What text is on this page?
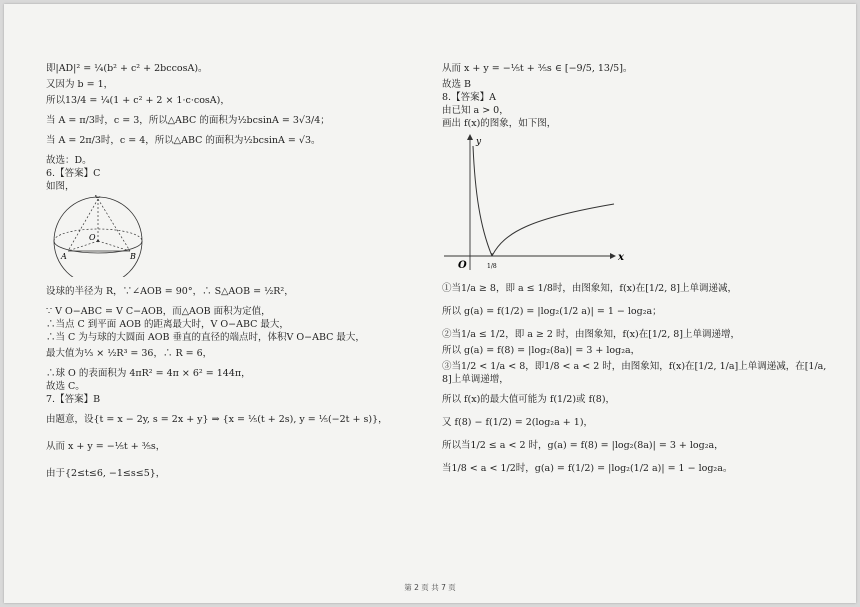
即|AD|² = ¼(b² + c² + 2bccosA)。

又因为 b = 1，

所以13/4 = ¼(1 + c² + 2 × 1·c·cosA)，

当 A = π/3时，c = 3，所以△ABC 的面积为½bcsinA = 3√3/4；

当 A = 2π/3时，c = 4，所以△ABC 的面积为½bcsinA = √3。

故选：D。

6.【答案】C

如图，

C
O
A	B

设球的半径为 R，∵∠AOB = 90°，∴ S△AOB = ½R²，

∵ V O−ABC = V C−AOB，而△AOB 面积为定值，

∴当点 C 到平面 AOB 的距离最大时，V O−ABC 最大，

∴当 C 为与球的大圆面 AOB 垂直的直径的端点时，体积V O−ABC 最大，

最大值为⅓ × ½R³ = 36，∴ R = 6，

∴球 O 的表面积为 4πR² = 4π × 6² = 144π，

故选 C。

7.【答案】B

由题意，设{t = x − 2y, s = 2x + y} ⇒ {x = ⅕(t + 2s), y = ⅕(−2t + s)}，

从而 x + y = −⅕t + ⅗s，

由于{2≤t≤6, −1≤s≤5}，

从而 x + y = −⅕t + ⅗s ∈ [−9/5, 13/5]。

故选 B

8.【答案】A

由已知 a > 0，

画出 f(x)的图象，如下图，

y
x
O	1/8

①当1/a ≥ 8，即 a ≤ 1/8时，由图象知，f(x)在[1/2, 8]上单调递减，

所以 g(a) = f(1/2) = |log₂(1/2 a)| = 1 − log₂a；

②当1/a ≤ 1/2，即 a ≥ 2 时，由图象知，f(x)在[1/2, 8]上单调递增，

所以 g(a) = f(8) = |log₂(8a)| = 3 + log₂a，

③当1/2 < 1/a < 8，即1/8 < a < 2 时，由图象知，f(x)在[1/2, 1/a]上单调递减，在[1/a, 8]上单调递增，

所以 f(x)的最大值可能为 f(1/2)或 f(8)，

又 f(8) − f(1/2) = 2(log₂a + 1)，

所以当1/2 ≤ a < 2 时，g(a) = f(8) = |log₂(8a)| = 3 + log₂a，

当1/8 < a < 1/2时，g(a) = f(1/2) = |log₂(1/2 a)| = 1 − log₂a。

第 2 页 共 7 页
